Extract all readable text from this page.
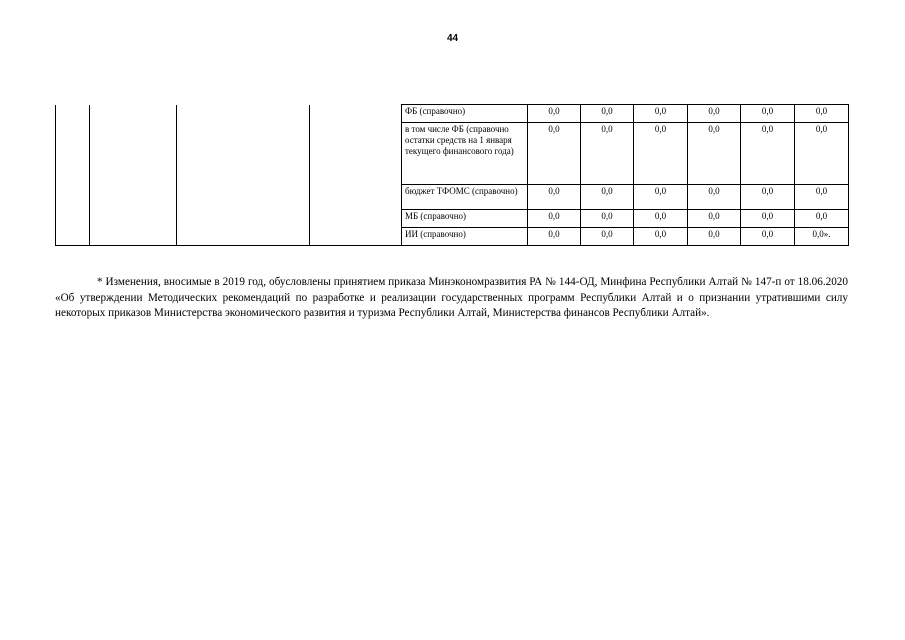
44
				ФБ (справочно)	0,0	0,0	0,0	0,0	0,0	0,0
				в том числе ФБ (справочно остатки средств на 1 января текущего финансового года)	0,0	0,0	0,0	0,0	0,0	0,0
				бюджет ТФОМС (справочно)	0,0	0,0	0,0	0,0	0,0	0,0
				МБ (справочно)	0,0	0,0	0,0	0,0	0,0	0,0
				ИИ (справочно)	0,0	0,0	0,0	0,0	0,0	0,0».

* Изменения, вносимые в 2019 год, обусловлены принятием приказа Минэкономразвития РА № 144-ОД, Минфина Республики Алтай № 147-п от 18.06.2020 «Об утверждении Методических рекомендаций по разработке и реализации государственных программ Республики Алтай и о признании утратившими силу некоторых приказов Министерства экономического развития и туризма Республики Алтай, Министерства финансов Республики Алтай».
